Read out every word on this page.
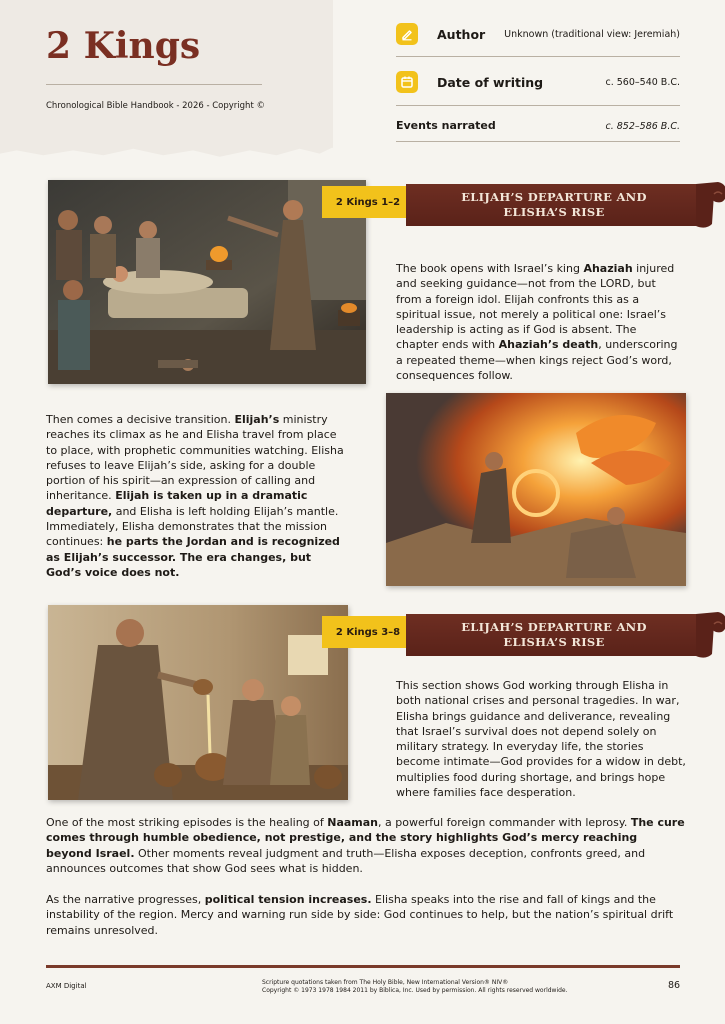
2 Kings
Chronological Bible Handbook - 2026 - Copyright ©
Author Unknown (traditional view: Jeremiah)
Date of writing	c. 560–540 B.C.
Events narrated	c. 852–586 B.C.
2 Kings 1–2	ELIJAH’S DEPARTURE AND
ELISHA’S RISE
The book opens with Israel’s king Ahaziah injured and seeking guidance—not from the LORD, but from a foreign idol. Elijah confronts this as a spiritual issue, not merely a political one: Israel’s leadership is acting as if God is absent. The chapter ends with Ahaziah’s death, underscoring a repeated theme—when kings reject God’s word, consequences follow.
Then comes a decisive transition. Elijah’s ministry reaches its climax as he and Elisha travel from place to place, with prophetic communities watching. Elisha refuses to leave Elijah’s side, asking for a double portion of his spirit—an expression of calling and inheritance. Elijah is taken up in a dramatic departure, and Elisha is left holding Elijah’s mantle. Immediately, Elisha demonstrates that the mission continues: he parts the Jordan and is recognized as Elijah’s successor. The era changes, but God’s voice does not.
2 Kings 3–8	ELIJAH’S DEPARTURE AND
ELISHA’S RISE
This section shows God working through Elisha in both national crises and personal tragedies. In war, Elisha brings guidance and deliverance, revealing that Israel’s survival does not depend solely on military strategy. In everyday life, the stories become intimate—God provides for a widow in debt, multiplies food during shortage, and brings hope where families face desperation.
One of the most striking episodes is the healing of Naaman, a powerful foreign commander with leprosy. The cure comes through humble obedience, not prestige, and the story highlights God’s mercy reaching beyond Israel. Other moments reveal judgment and truth—Elisha exposes deception, confronts greed, and announces outcomes that show God sees what is hidden.
As the narrative progresses, political tension increases. Elisha speaks into the rise and fall of kings and the instability of the region. Mercy and warning run side by side: God continues to help, but the nation’s spiritual drift remains unresolved.
AXM Digital	Scripture quotations taken from The Holy Bible, New International Version® NIV®
Copyright © 1973 1978 1984 2011 by Biblica, Inc. Used by permission. All rights reserved worldwide.	86
